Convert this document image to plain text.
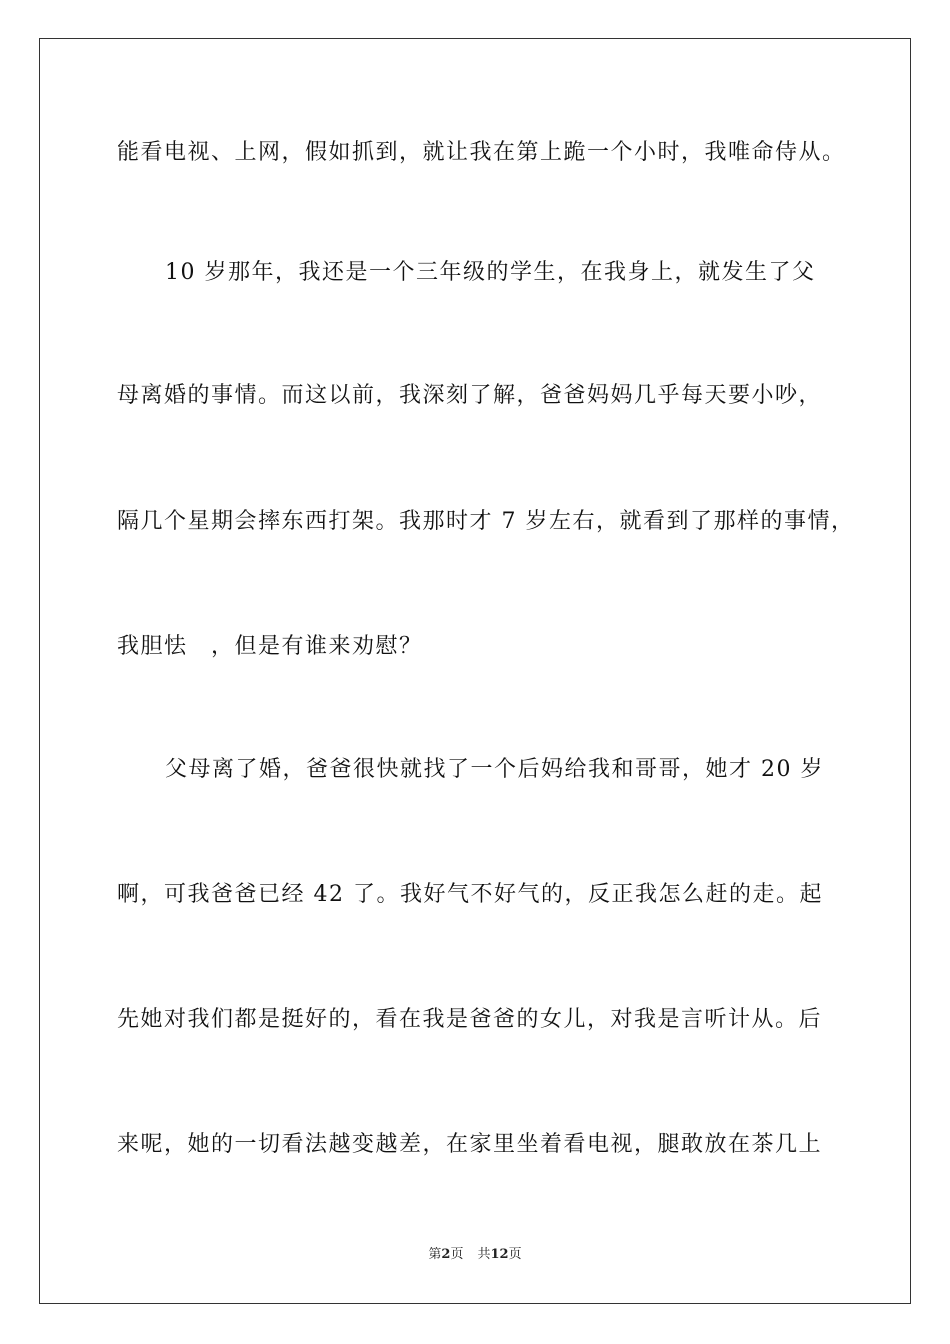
能看电视、上网，假如抓到，就让我在第上跪一个小时，我唯命侍从。
10 岁那年，我还是一个三年级的学生，在我身上，就发生了父
母离婚的事情。而这以前，我深刻了解，爸爸妈妈几乎每天要小吵，
隔几个星期会摔东西打架。我那时才 7 岁左右，就看到了那样的事情，
我胆怯　，但是有谁来劝慰？
父母离了婚，爸爸很快就找了一个后妈给我和哥哥，她才 20 岁
啊，可我爸爸已经 42 了。我好气不好气的，反正我怎么赶的走。起
先她对我们都是挺好的，看在我是爸爸的女儿，对我是言听计从。后
来呢，她的一切看法越变越差，在家里坐着看电视，腿敢放在茶几上
第2页 共12页
